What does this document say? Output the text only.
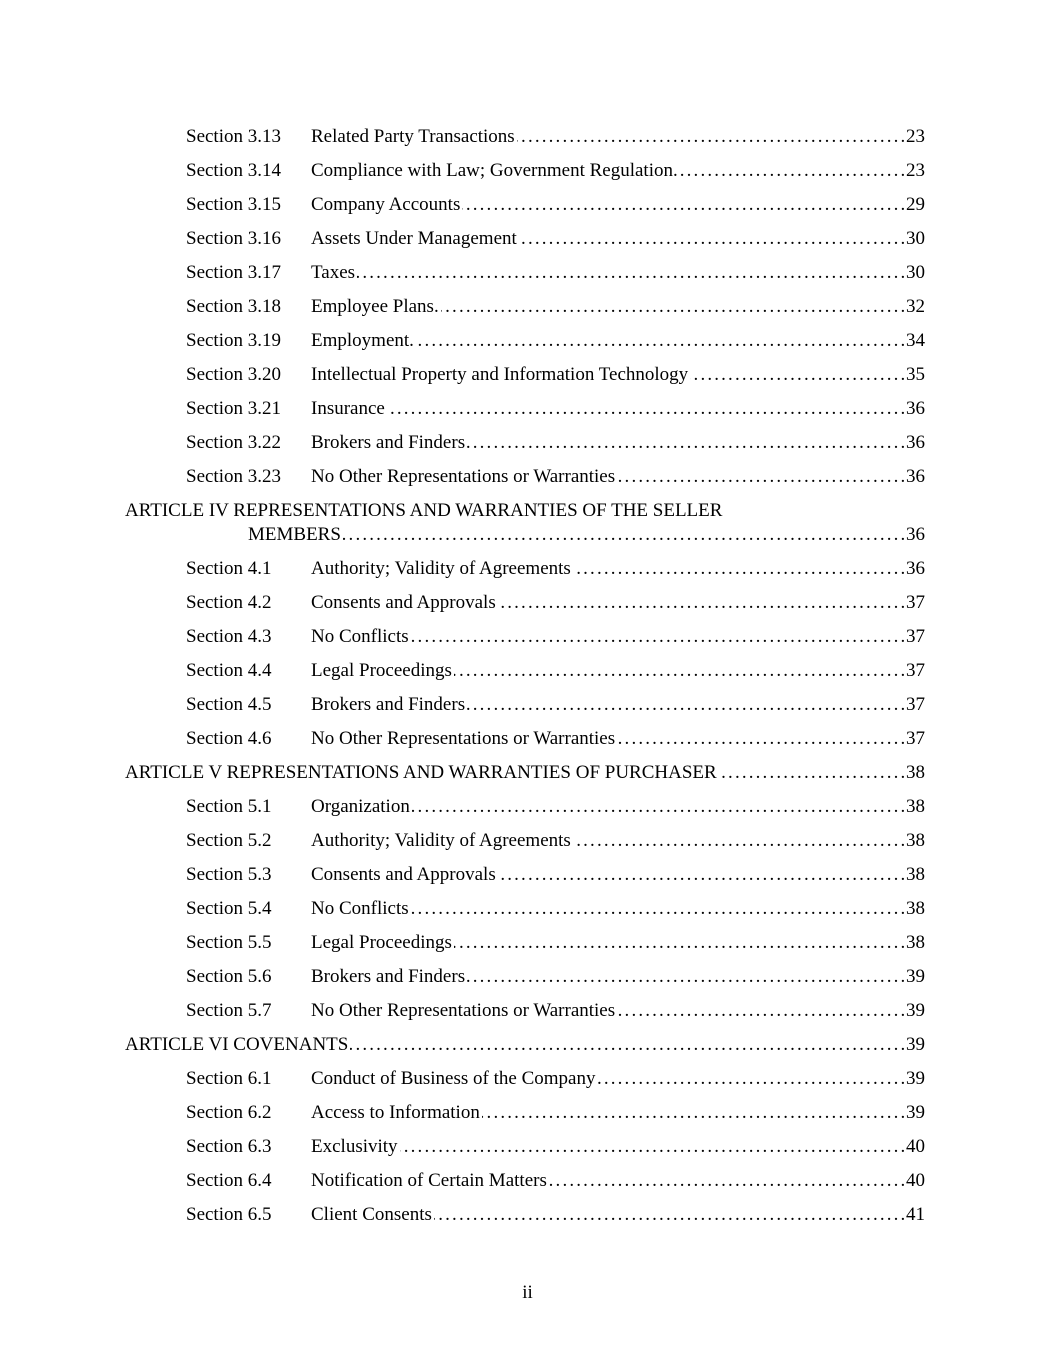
Section 3.13	Related Party Transactions . . .	23
Section 3.14	Compliance with Law; Government Regulation. . . .	23
Section 3.15	Company Accounts . . .	29
Section 3.16	Assets Under Management . . .	30
Section 3.17	Taxes . . .	30
Section 3.18	Employee Plans. . . .	32
Section 3.19	Employment. . . .	34
Section 3.20	Intellectual Property and Information Technology . . .	35
Section 3.21	Insurance . . .	36
Section 3.22	Brokers and Finders . . .	36
Section 3.23	No Other Representations or Warranties . . .	36
ARTICLE IV REPRESENTATIONS AND WARRANTIES OF THE SELLER
MEMBERS . . .	36
Section 4.1	Authority; Validity of Agreements . . .	36
Section 4.2	Consents and Approvals . . .	37
Section 4.3	No Conflicts . . .	37
Section 4.4	Legal Proceedings . . .	37
Section 4.5	Brokers and Finders . . .	37
Section 4.6	No Other Representations or Warranties . . .	37
ARTICLE V REPRESENTATIONS AND WARRANTIES OF PURCHASER . . .	38
Section 5.1	Organization . . .	38
Section 5.2	Authority; Validity of Agreements . . .	38
Section 5.3	Consents and Approvals . . .	38
Section 5.4	No Conflicts . . .	38
Section 5.5	Legal Proceedings . . .	38
Section 5.6	Brokers and Finders . . .	39
Section 5.7	No Other Representations or Warranties . . .	39
ARTICLE VI COVENANTS . . .	39
Section 6.1	Conduct of Business of the Company . . .	39
Section 6.2	Access to Information . . .	39
Section 6.3	Exclusivity . . .	40
Section 6.4	Notification of Certain Matters . . .	40
Section 6.5	Client Consents . . .	41
ii
